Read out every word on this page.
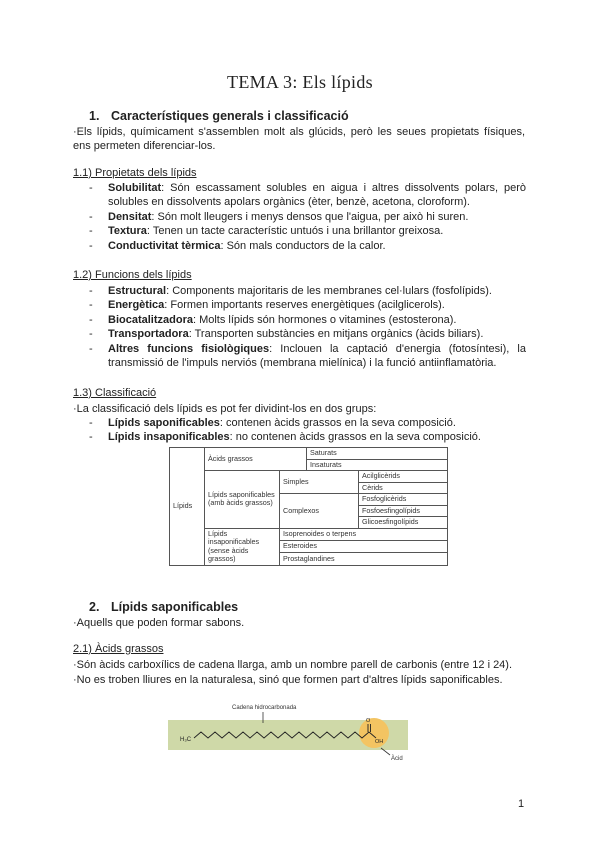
TEMA 3: Els lípids
1. Característiques generals i classificació
·Els lípids, químicament s'assemblen molt als glúcids, però les seues propietats físiques, ens permeten diferenciar-los.
1.1) Propietats dels lípids
- Solubilitat: Són escassament solubles en aigua i altres dissolvents polars, però solubles en dissolvents apolars orgànics (èter, benzè, acetona, cloroform).
- Densitat: Són molt lleugers i menys densos que l'aigua, per això hi suren.
- Textura: Tenen un tacte característic untuós i una brillantor greixosa.
- Conductivitat tèrmica: Són mals conductors de la calor.
1.2) Funcions dels lípids
- Estructural: Components majoritaris de les membranes cel·lulars (fosfolípids).
- Energètica: Formen importants reserves energètiques (acilglicerols).
- Biocatalitzadora: Molts lípids són hormones o vitamines (estosterona).
- Transportadora: Transporten substàncies en mitjans orgànics (àcids biliars).
- Altres funcions fisiològiques: Inclouen la captació d'energia (fotosíntesi), la transmissió de l'impuls nerviós (membrana mielínica) i la funció antiinflamatòria.
1.3) Classificació
·La classificació dels lípids es pot fer dividint-los en dos grups:
- Lípids saponificables: contenen àcids grassos en la seva composició.
- Lípids insaponificables: no contenen àcids grassos en la seva composició.
Lípids	Àcids grassos		Saturats	
			Insaturats	
	Lípids saponificables (amb àcids grassos)	Simples		Acilglicèrids
				Cèrids
		Complexos		Fosfoglicèrids
				Fosfoesfingolípids
				Glicoesfingolípids
	Lípids insaponificables (sense àcids grassos)	Isoprenoides o terpens		
		Esteroides		
		Prostaglandines		
2. Lípids saponificables
·Aquells que poden formar sabons.
2.1) Àcids grassos
·Són àcids carboxílics de cadena llarga, amb un nombre parell de carbonis (entre 12 i 24).
·No es troben lliures en la naturalesa, sinó que formen part d'altres lípids saponificables.
Cadena hidrocarbonada
H₃C
O
OH
Àcid
1
